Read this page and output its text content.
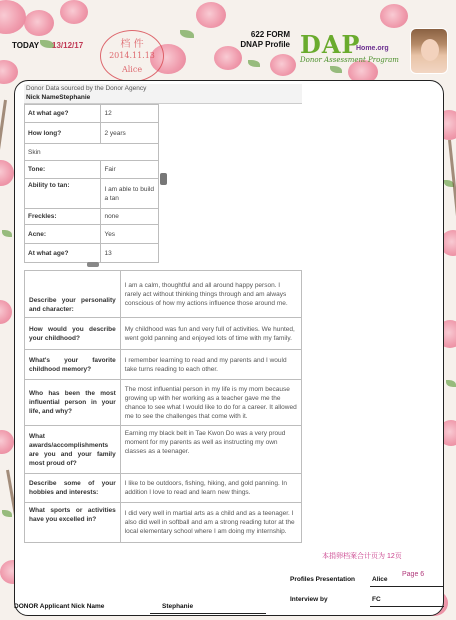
TODAY 13/12/17	档 件
2014.11.13
Alice
622 FORM
DNAP Profile DAP
Home.org
Donor Assessment Program
Donor Data sourced by the Donor Agency
Nick NameStephanie
At what age?	12
How long?	2 years
Skin	
Tone:	Fair
Ability to tan:	I am able to build a tan
Freckles:	none
Acne:	Yes
At what age?	13
Describe your personality and character:	I am a calm, thoughtful and all around happy person. I rarely act without thinking things through and am always conscious of how my actions influence those around me.
How would you describe your childhood?	My childhood was fun and very full of activities. We hunted, went gold panning and enjoyed lots of time with my family.
What's your favorite childhood memory?	I remember learning to read and my parents and I would take turns reading to each other.
Who has been the most influential person in your life, and why?	The most influential person in my life is my mom because growing up with her working as a teacher gave me the chance to see what I would like to do for a career. It allowed me to see the challenges that come with it.
What awards/accomplishments are you and your family most proud of?	Earning my black belt in Tae Kwon Do was a very proud moment for my parents as well as instructing my own classes as a teenager.
Describe some of your hobbies and interests:	I like to be outdoors, fishing, hiking, and gold panning. In addition I love to read and learn new things.
What sports or activities have you excelled in?	I did very well in martial arts as a child and as a teenager. I also did well in softball and am a strong reading tutor at the local elementary school where I am doing my internship.
本捐卵档案合计页为 12页
Page 6
Profiles Presentation	Alice
Interview by	FC
DONOR Applicant Nick Name	Stephanie
